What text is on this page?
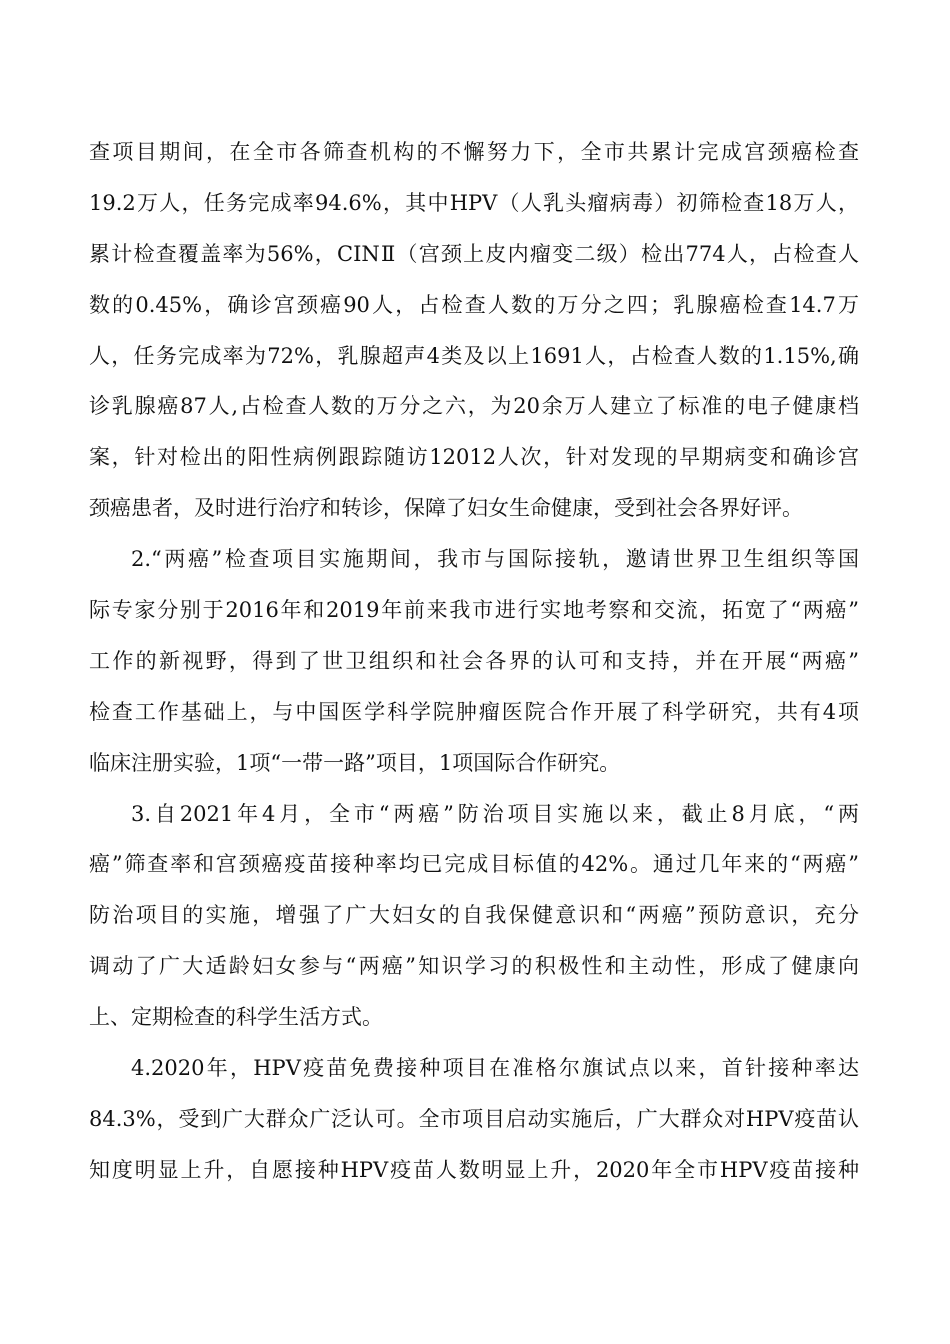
查项目期间，在全市各筛查机构的不懈努力下，全市共累计完成宫颈癌检查
19.2万人，任务完成率94.6%，其中HPV（人乳头瘤病毒）初筛检查18万人，
累计检查覆盖率为56%，CINⅡ（宫颈上皮内瘤变二级）检出774人，占检查人
数的0.45%，确诊宫颈癌90人，占检查人数的万分之四；乳腺癌检查14.7万
人，任务完成率为72%，乳腺超声4类及以上1691人，占检查人数的1.15%,确
诊乳腺癌87人,占检查人数的万分之六，为20余万人建立了标准的电子健康档
案，针对检出的阳性病例跟踪随访12012人次，针对发现的早期病变和确诊宫
颈癌患者，及时进行治疗和转诊，保障了妇女生命健康，受到社会各界好评。
2.“两癌”检查项目实施期间，我市与国际接轨，邀请世界卫生组织等国
际专家分别于2016年和2019年前来我市进行实地考察和交流，拓宽了“两癌”
工作的新视野，得到了世卫组织和社会各界的认可和支持，并在开展“两癌”
检查工作基础上，与中国医学科学院肿瘤医院合作开展了科学研究，共有4项
临床注册实验，1项“一带一路”项目，1项国际合作研究。
3.自2021年4月，全市“两癌”防治项目实施以来，截止8月底，“两
癌”筛查率和宫颈癌疫苗接种率均已完成目标值的42%。通过几年来的“两癌”
防治项目的实施，增强了广大妇女的自我保健意识和“两癌”预防意识，充分
调动了广大适龄妇女参与“两癌”知识学习的积极性和主动性，形成了健康向
上、定期检查的科学生活方式。
4.2020年，HPV疫苗免费接种项目在准格尔旗试点以来，首针接种率达
84.3%，受到广大群众广泛认可。全市项目启动实施后，广大群众对HPV疫苗认
知度明显上升，自愿接种HPV疫苗人数明显上升，2020年全市HPV疫苗接种
